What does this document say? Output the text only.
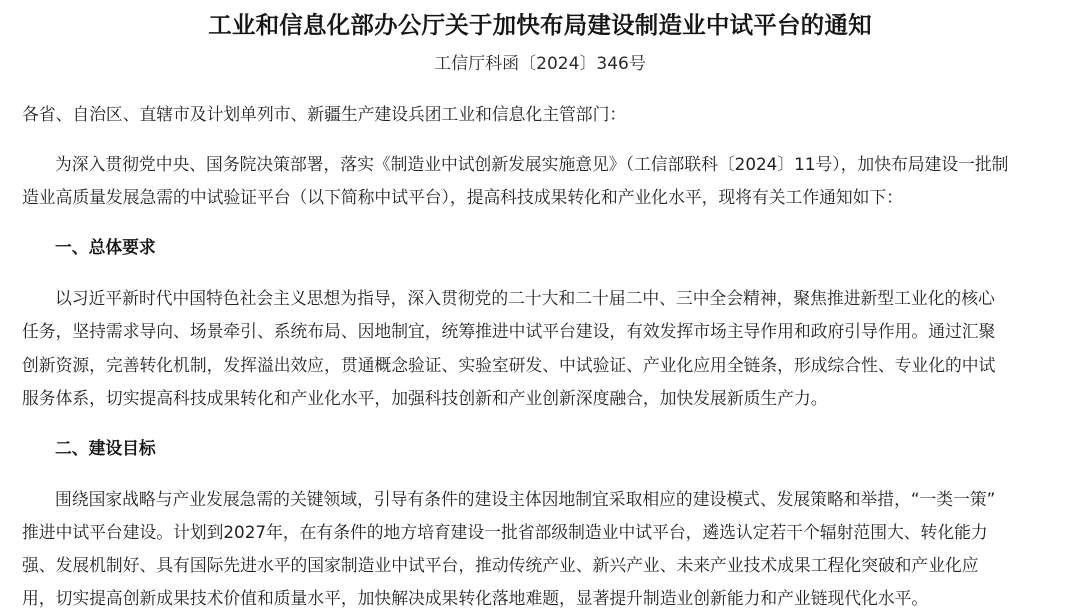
工业和信息化部办公厅关于加快布局建设制造业中试平台的通知
工信厅科函〔2024〕346号
各省、自治区、直辖市及计划单列市、新疆生产建设兵团工业和信息化主管部门：
为深入贯彻党中央、国务院决策部署，落实《制造业中试创新发展实施意见》（工信部联科〔2024〕11号），加快布局建设一批制
造业高质量发展急需的中试验证平台（以下简称中试平台），提高科技成果转化和产业化水平，现将有关工作通知如下：
一、总体要求
以习近平新时代中国特色社会主义思想为指导，深入贯彻党的二十大和二十届二中、三中全会精神，聚焦推进新型工业化的核心
任务，坚持需求导向、场景牵引、系统布局、因地制宜，统筹推进中试平台建设，有效发挥市场主导作用和政府引导作用。通过汇聚
创新资源，完善转化机制，发挥溢出效应，贯通概念验证、实验室研发、中试验证、产业化应用全链条，形成综合性、专业化的中试
服务体系，切实提高科技成果转化和产业化水平，加强科技创新和产业创新深度融合，加快发展新质生产力。
二、建设目标
围绕国家战略与产业发展急需的关键领域，引导有条件的建设主体因地制宜采取相应的建设模式、发展策略和举措，“一类一策”
推进中试平台建设。计划到2027年，在有条件的地方培育建设一批省部级制造业中试平台，遴选认定若干个辐射范围大、转化能力
强、发展机制好、具有国际先进水平的国家制造业中试平台，推动传统产业、新兴产业、未来产业技术成果工程化突破和产业化应
用，切实提高创新成果技术价值和质量水平，加快解决成果转化落地难题，显著提升制造业创新能力和产业链现代化水平。
